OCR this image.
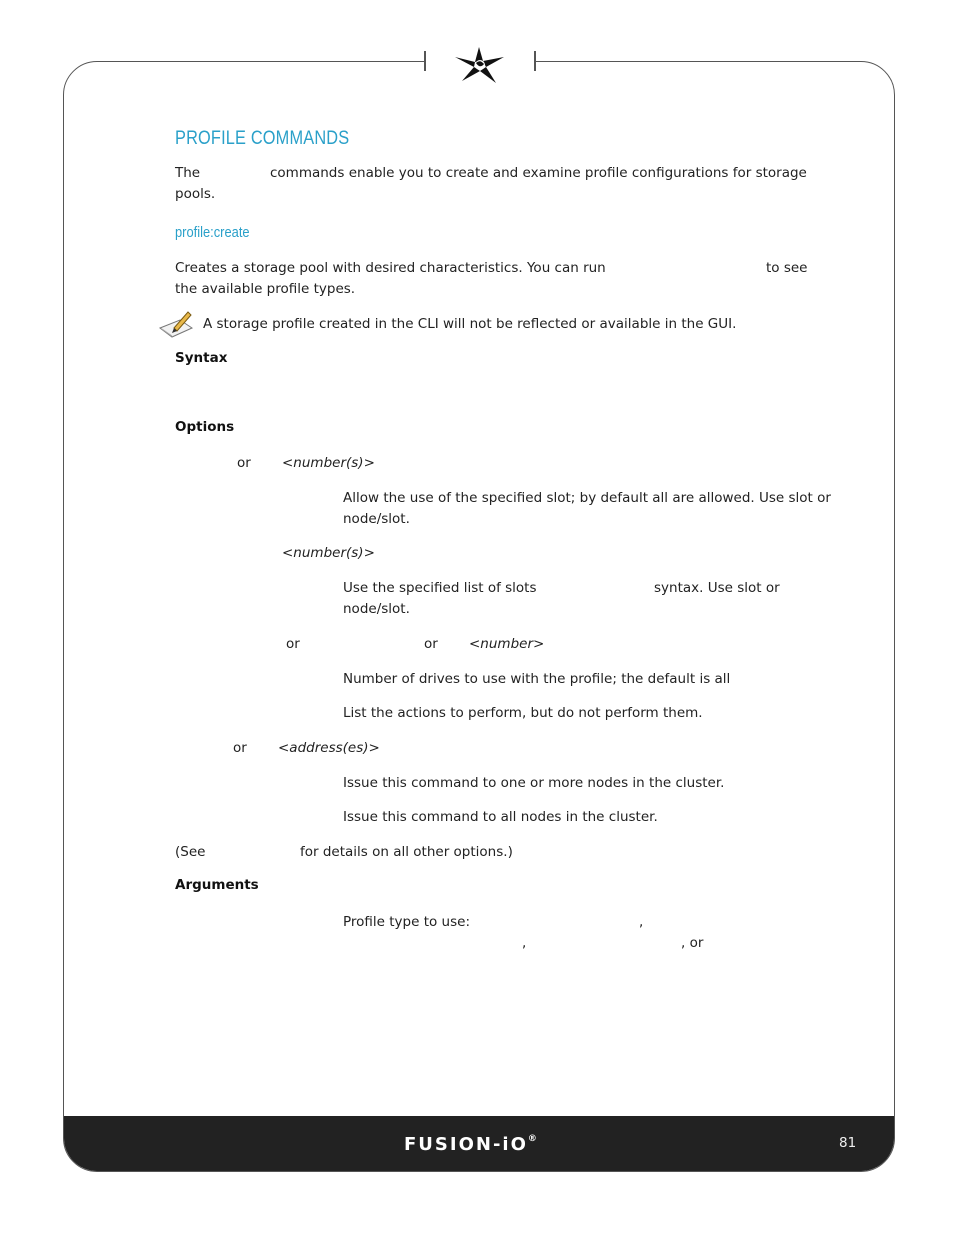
PROFILE COMMANDS
The	commands enable you to create and examine profile configurations for storage
pools.
profile:create
Creates a storage pool with desired characteristics. You can run	to see
the available profile types.
A storage profile created in the CLI will not be reflected or available in the GUI.
Syntax
Options
or <number(s)>
Allow the use of the specified slot; by default all are allowed. Use slot or
node/slot.
<number(s)>
Use the specified list of slots	syntax. Use slot or
node/slot.
or	or <number>
Number of drives to use with the profile; the default is all
List the actions to perform, but do not perform them.
or <address(es)>
Issue this command to one or more nodes in the cluster.
Issue this command to all nodes in the cluster.
(See	for details on all other options.)
Arguments
Profile type to use:	,
,	, or
FUSION-iO®	81
